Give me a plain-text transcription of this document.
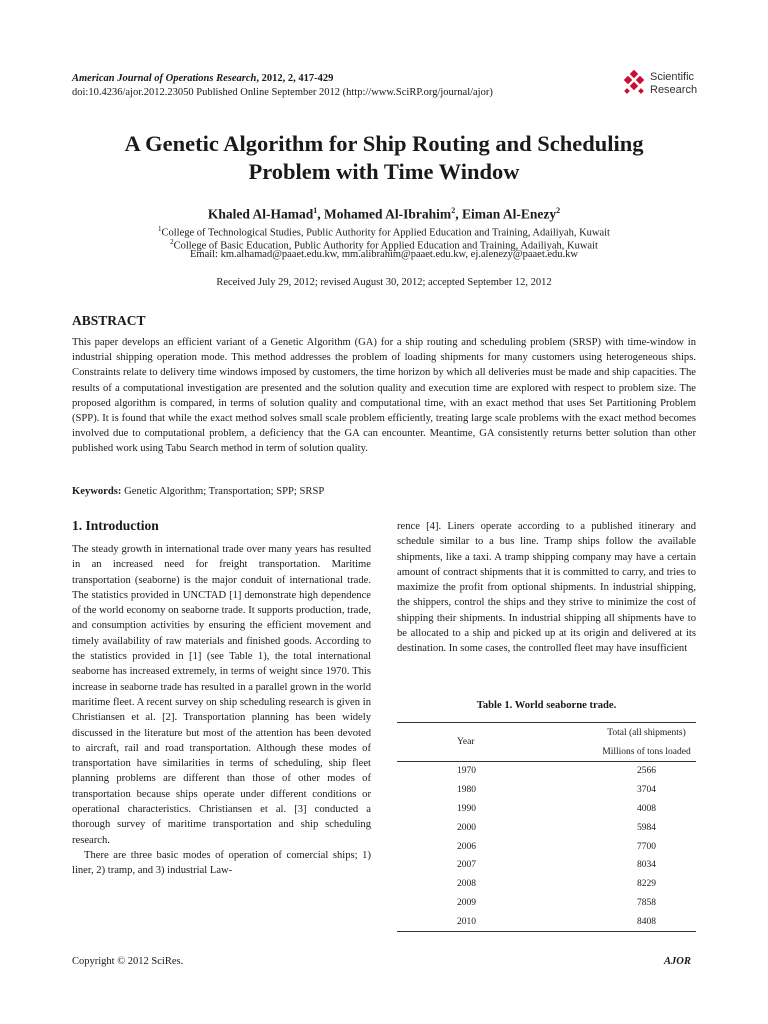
American Journal of Operations Research, 2012, 2, 417-429
doi:10.4236/ajor.2012.23050 Published Online September 2012 (http://www.SciRP.org/journal/ajor)
Scientific
Research
A Genetic Algorithm for Ship Routing and Scheduling
Problem with Time Window
Khaled Al-Hamad$^1$, Mohamed Al-Ibrahim$^2$, Eiman Al-Enezy$^2$
$^1$College of Technological Studies, Public Authority for Applied Education and Training, Adailiyah, Kuwait
$^2$College of Basic Education, Public Authority for Applied Education and Training, Adailiyah, Kuwait
Email: km.alhamad@paaet.edu.kw, mm.alibrahim@paaet.edu.kw, ej.alenezy@paaet.edu.kw
Received July 29, 2012; revised August 30, 2012; accepted September 12, 2012
ABSTRACT
This paper develops an efficient variant of a Genetic Algorithm (GA) for a ship routing and scheduling problem (SRSP) with time-window in industrial shipping operation mode. This method addresses the problem of loading shipments for many customers using heterogeneous ships. Constraints relate to delivery time windows imposed by customers, the time horizon by which all deliveries must be made and ship capacities. The results of a computational investigation are presented and the solution quality and execution time are explored with respect to problem size. The proposed algorithm is compared, in terms of solution quality and computational time, with an exact method that uses Set Partitioning Problem (SPP). It is found that while the exact method solves small scale problem efficiently, treating large scale problems with the exact method becomes involved due to computational problem, a deficiency that the GA can encounter. Meantime, GA consistently returns better solution than other published work using Tabu Search method in term of solution quality.
Keywords: Genetic Algorithm; Transportation; SPP; SRSP
1. Introduction

The steady growth in international trade over many years has resulted in an increased need for freight transportation. Maritime transportation (seaborne) is the major conduit of international trade. The statistics provided in UNCTAD [1] demonstrate high dependence of the world economy on seaborne trade. It supports production, trade, and consumption activities by ensuring the efficient movement and timely availability of raw materials and finished goods. According to the statistics provided in [1] (see Table 1), the total international seaborne has increased extremely, in terms of weight since 1970. This increase in seaborne trade has resulted in a parallel grown in the world maritime fleet. A recent survey on ship scheduling research is given in Christiansen et al. [2]. Transportation planning has been widely discussed in the literature but most of the attention has been devoted to aircraft, rail and road transportation. Although these modes of transportation have similarities in terms of scheduling, ship fleet planning problems are different than those of other modes of transportation because ships operate under different conditions or operational characteristics. Christiansen et al. [3] conducted a thorough survey of maritime transportation and ship scheduling research.

There are three basic modes of operation of comercial ships; 1) liner, 2) tramp, and 3) industrial Law-

rence [4]. Liners operate according to a published itinerary and schedule similar to a bus line. Tramp ships follow the available shipments, like a taxi. A tramp shipping company may have a certain amount of contract shipments that it is committed to carry, and tries to maximize the profit from optional shipments. In industrial shipping, the shippers, control the ships and they strive to minimize the cost of shipping their shipments. In industrial shipping all shipments have to be allocated to a ship and picked up at its origin and delivered at its destination. In some cases, the controlled fleet may have insufficient
Table 1. World seaborne trade.
Year	Total (all shipments)
	Millions of tons loaded
1970	2566
1980	3704
1990	4008
2000	5984
2006	7700
2007	8034
2008	8229
2009	7858
2010	8408
Copyright © 2012 SciRes.	AJOR
